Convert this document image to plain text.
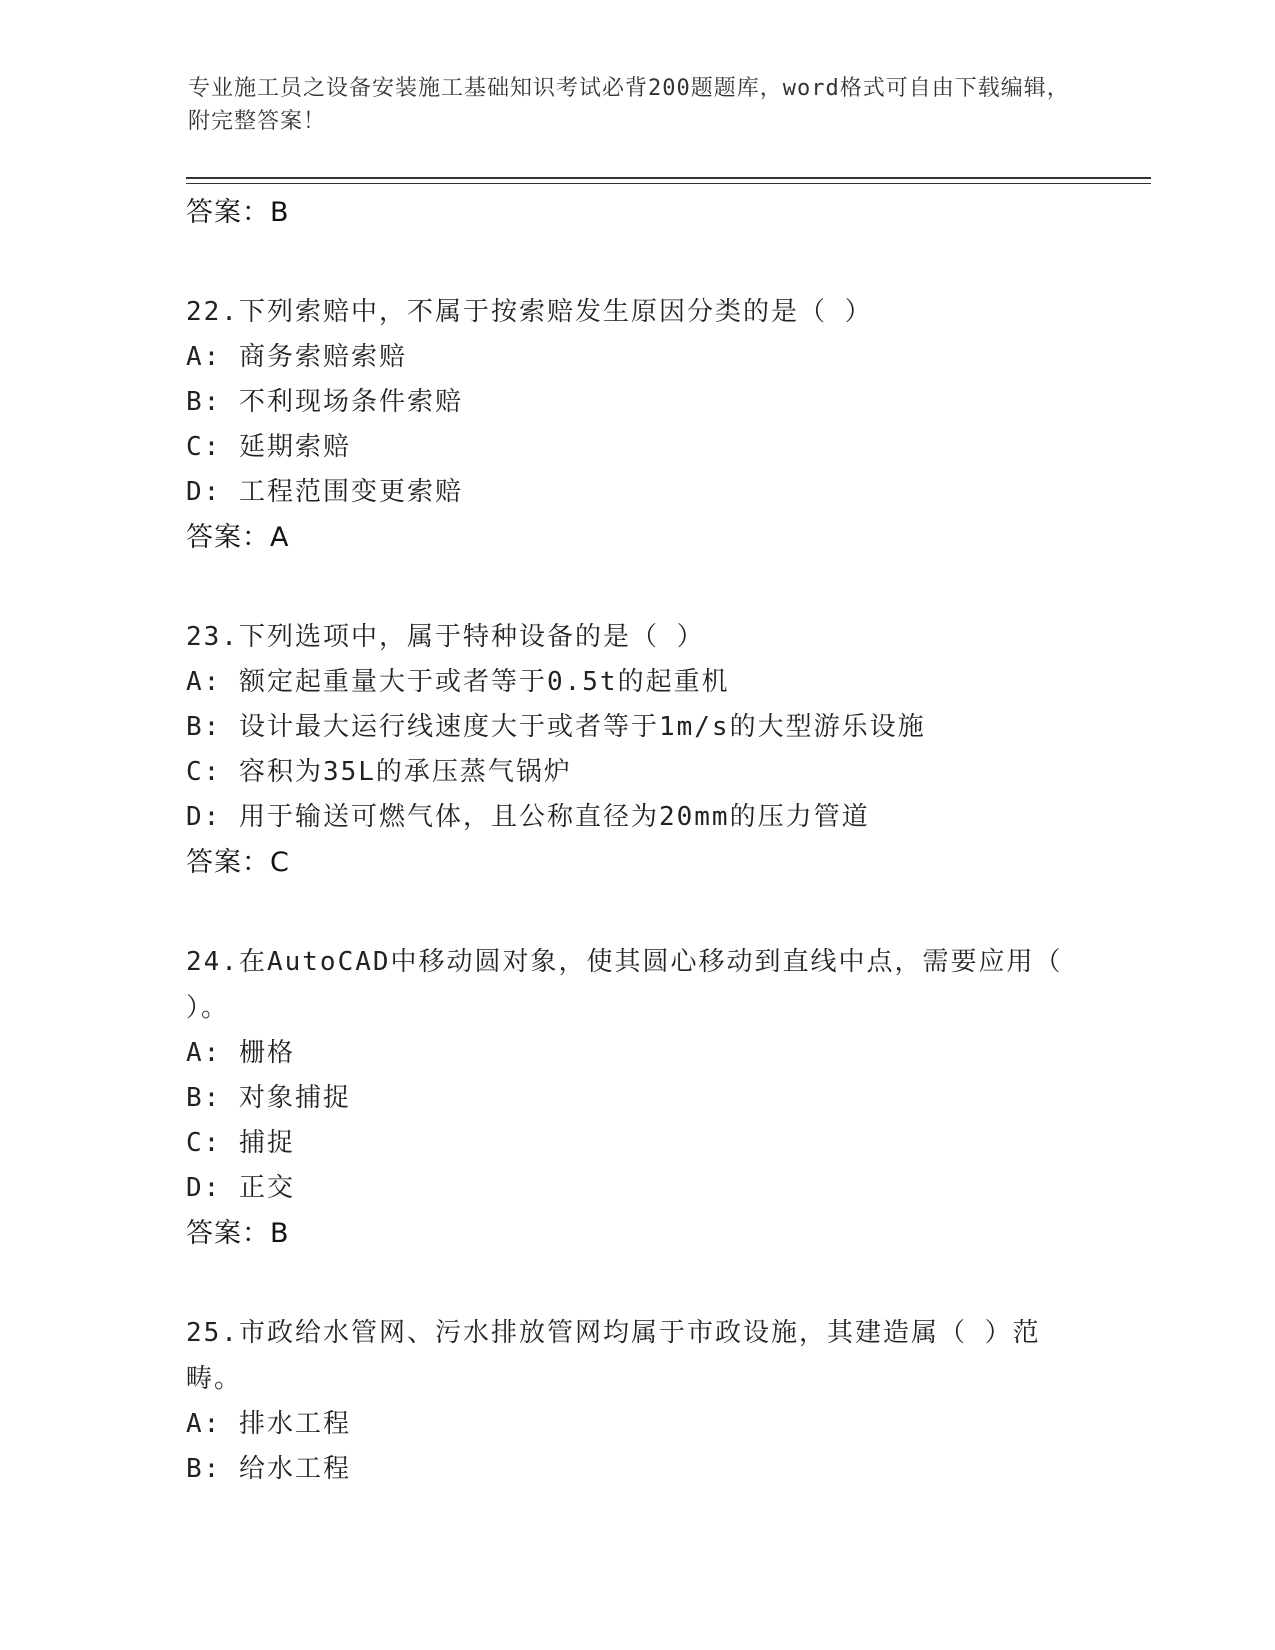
专业施工员之设备安装施工基础知识考试必背200题题库，word格式可自由下载编辑，附完整答案！
答案：B
22.下列索赔中，不属于按索赔发生原因分类的是（ ）
A: 商务索赔索赔
B: 不利现场条件索赔
C: 延期索赔
D: 工程范围变更索赔
答案：A
23.下列选项中，属于特种设备的是（ ）
A: 额定起重量大于或者等于0.5t的起重机
B: 设计最大运行线速度大于或者等于1m/s的大型游乐设施
C: 容积为35L的承压蒸气锅炉
D: 用于输送可燃气体，且公称直径为20mm的压力管道
答案：C
24.在AutoCAD中移动圆对象，使其圆心移动到直线中点，需要应用（ ）。
A: 栅格
B: 对象捕捉
C: 捕捉
D: 正交
答案：B
25.市政给水管网、污水排放管网均属于市政设施，其建造属（ ）范畴。
A: 排水工程
B: 给水工程
